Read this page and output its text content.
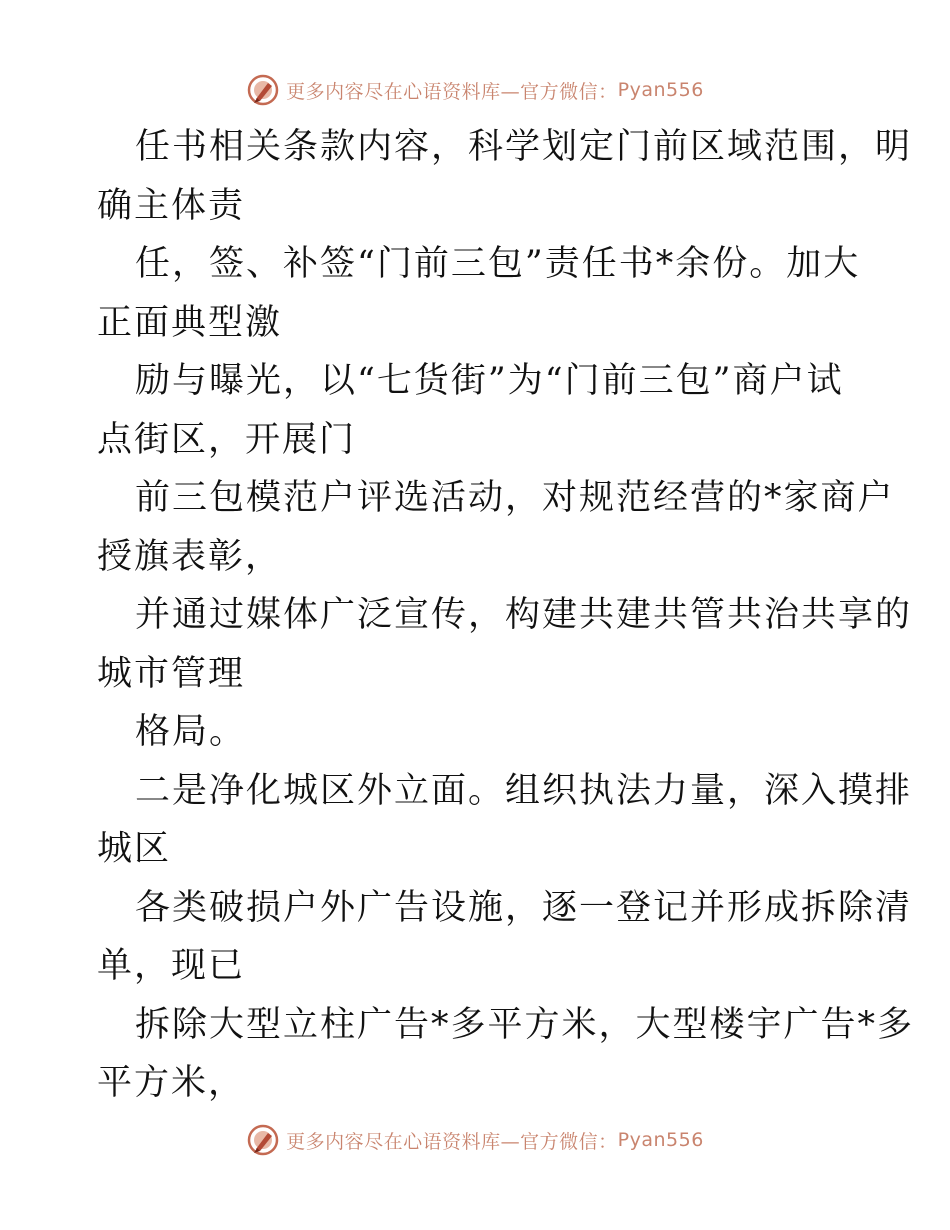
更多内容尽在心语资料库—官方微信： Pyan556
任书相关条款内容，科学划定门前区域范围，明
确主体责
任，签、补签“门前三包”责任书*余份。加大
正面典型激
励与曝光，以“七货街”为“门前三包”商户试
点街区，开展门
前三包模范户评选活动，对规范经营的*家商户
授旗表彰，
并通过媒体广泛宣传，构建共建共管共治共享的
城市管理
格局。
二是净化城区外立面。组织执法力量，深入摸排
城区
各类破损户外广告设施，逐一登记并形成拆除清
单，现已
拆除大型立柱广告*多平方米，大型楼宇广告*多
平方米，
更多内容尽在心语资料库—官方微信： Pyan556
